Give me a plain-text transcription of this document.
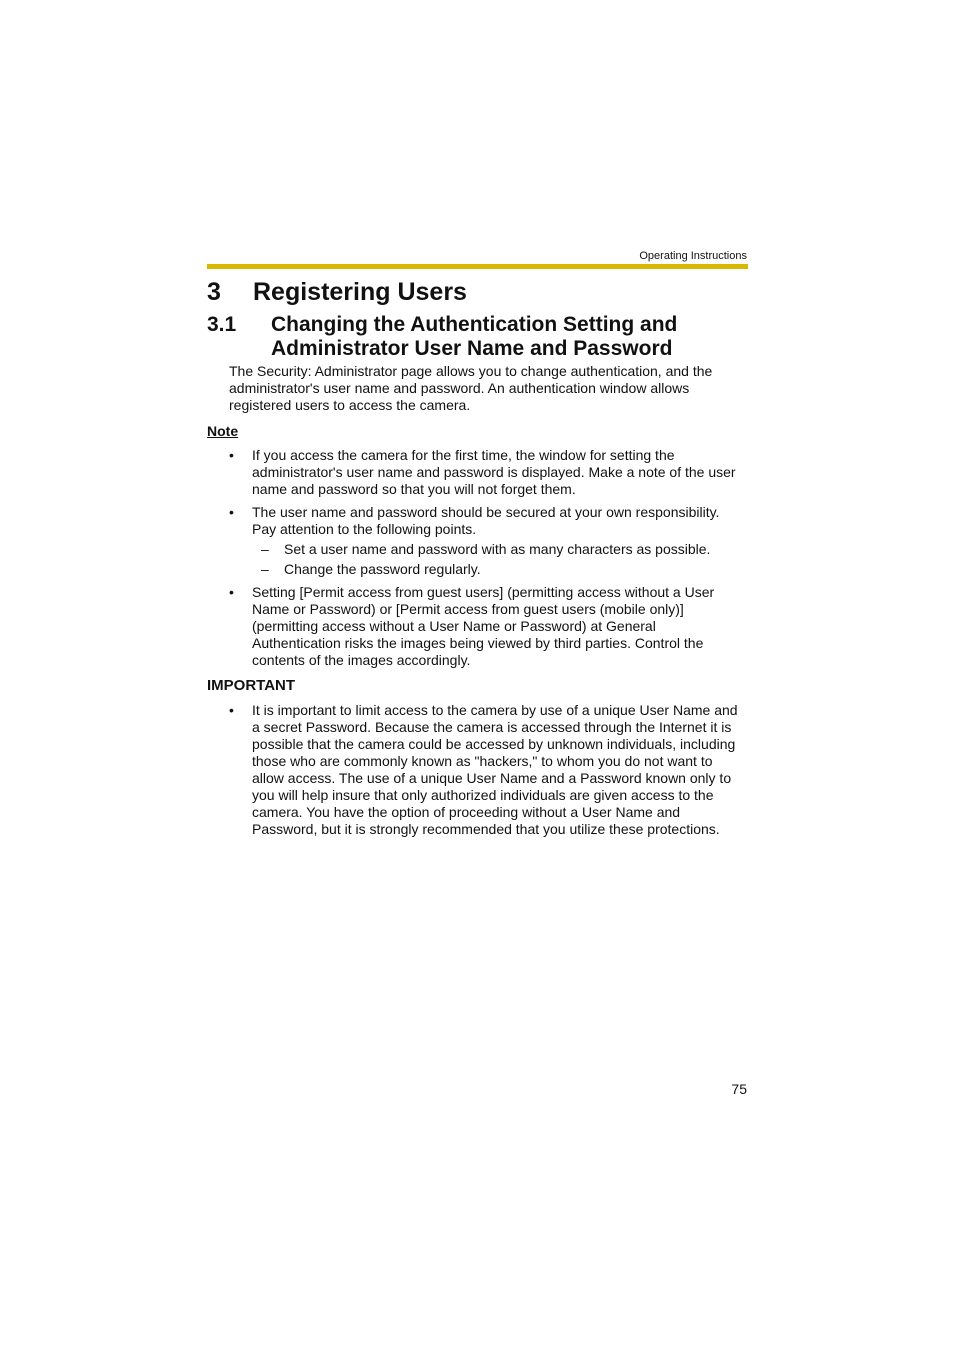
Operating Instructions
3 Registering Users
3.1	Changing the Authentication Setting and Administrator User Name and Password

The Security: Administrator page allows you to change authentication, and the administrator's user name and password. An authentication window allows registered users to access the camera.

Note
• If you access the camera for the first time, the window for setting the administrator's user name and password is displayed. Make a note of the user name and password so that you will not forget them.
• The user name and password should be secured at your own responsibility. Pay attention to the following points.
– Set a user name and password with as many characters as possible.
– Change the password regularly.
• Setting [Permit access from guest users] (permitting access without a User Name or Password) or [Permit access from guest users (mobile only)] (permitting access without a User Name or Password) at General Authentication risks the images being viewed by third parties. Control the contents of the images accordingly.
IMPORTANT
• It is important to limit access to the camera by use of a unique User Name and a secret Password. Because the camera is accessed through the Internet it is possible that the camera could be accessed by unknown individuals, including those who are commonly known as "hackers," to whom you do not want to allow access. The use of a unique User Name and a Password known only to you will help insure that only authorized individuals are given access to the camera. You have the option of proceeding without a User Name and Password, but it is strongly recommended that you utilize these protections.
75
